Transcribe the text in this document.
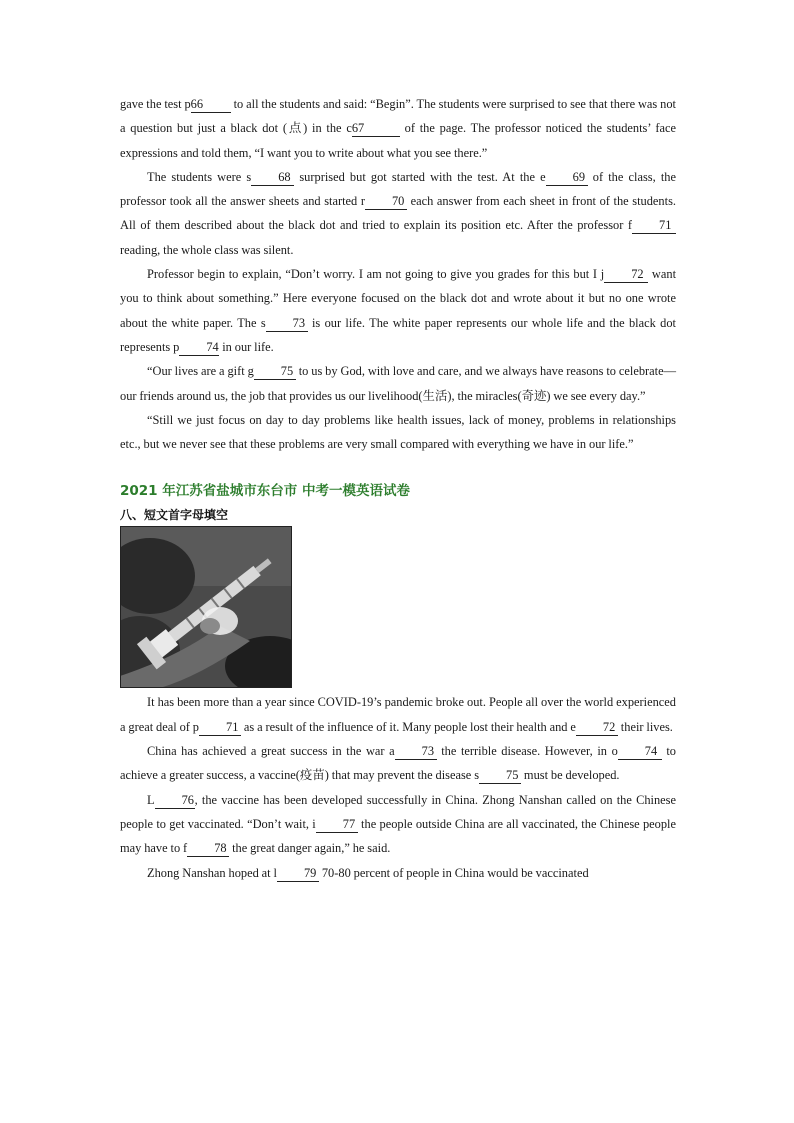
gave the test p66 to all the students and said: “Begin”. The students were surprised to see that there was not a question but just a black dot (点) in the c67	of the page. The professor noticed the students’ face expressions and told them, “I want you to write about what you see there.”

The students were s 68 surprised but got started with the test. At the e 69 of the class, the professor took all the answer sheets and started r 70 each answer from each sheet in front of the students. All of them described about the black dot and tried to explain its position etc. After the professor f 71 reading, the whole class was silent.

Professor begin to explain, “Don’t worry. I am not going to give you grades for this but I j 72 want you to think about something.” Here everyone focused on the black dot and wrote about it but no one wrote about the white paper. The s 73 is our life. The white paper represents our whole life and the black dot represents p 74 in our life.

“Our lives are a gift g 75 to us by God, with love and care, and we always have reasons to celebrate—our friends around us, the job that provides us our livelihood(生活), the miracles(奇迹) we see every day.”

“Still we just focus on day to day problems like health issues, lack of money, problems in relationships etc., but we never see that these problems are very small compared with everything we have in our life.”

2021 年江苏省盐城市东台市 中考一模英语试卷
八、短文首字母填空

It has been more than a year since COVID-19’s pandemic broke out. People all over the world experienced a great deal of p 71 as a result of the influence of it. Many people lost their health and e 72 their lives.

China has achieved a great success in the war a 73 the terrible disease. However, in o 74 to achieve a greater success, a vaccine(疫苗) that may prevent the disease s 75 must be developed.

L 76, the vaccine has been developed successfully in China. Zhong Nanshan called on the Chinese people to get vaccinated. “Don’t wait, i 77 the people outside China are all vaccinated, the Chinese people may have to f 78 the great danger again,” he said.

Zhong Nanshan hoped at l 79 70-80 percent of people in China would be vaccinated
